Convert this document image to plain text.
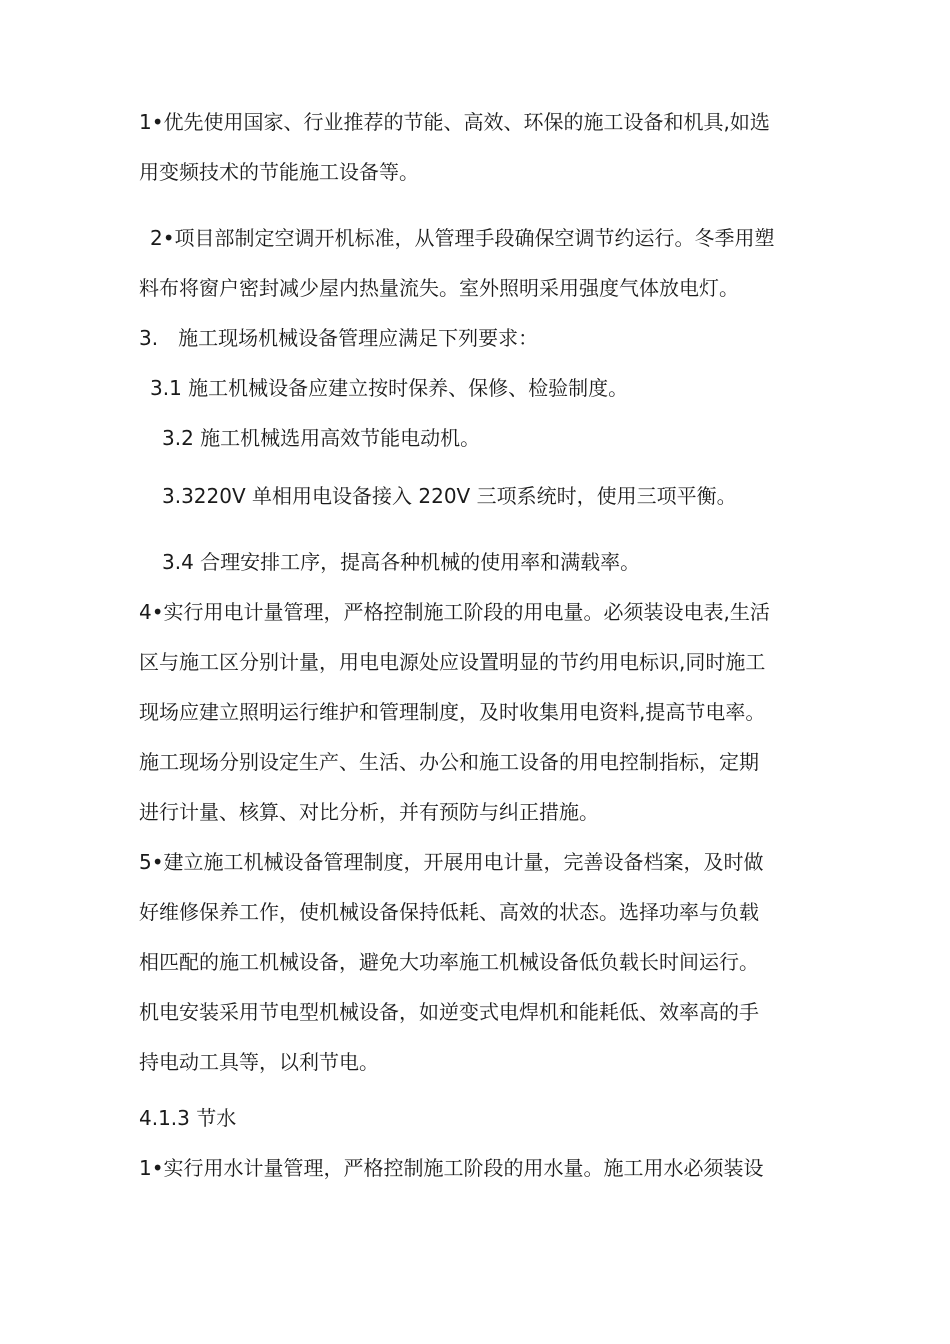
1•优先使用国家、行业推荐的节能、高效、环保的施工设备和机具,如选
用变频技术的节能施工设备等。
2•项目部制定空调开机标准，从管理手段确保空调节约运行。冬季用塑
料布将窗户密封减少屋内热量流失。室外照明采用强度气体放电灯。
3.　施工现场机械设备管理应满足下列要求：
3.1 施工机械设备应建立按时保养、保修、检验制度。
3.2 施工机械选用高效节能电动机。
3.3220V 单相用电设备接入 220V 三项系统时，使用三项平衡。
3.4 合理安排工序，提高各种机械的使用率和满载率。
4•实行用电计量管理，严格控制施工阶段的用电量。必须装设电表,生活
区与施工区分别计量，用电电源处应设置明显的节约用电标识,同时施工
现场应建立照明运行维护和管理制度，及时收集用电资料,提高节电率。
施工现场分别设定生产、生活、办公和施工设备的用电控制指标，定期
进行计量、核算、对比分析，并有预防与纠正措施。
5•建立施工机械设备管理制度，开展用电计量，完善设备档案，及时做
好维修保养工作，使机械设备保持低耗、高效的状态。选择功率与负载
相匹配的施工机械设备，避免大功率施工机械设备低负载长时间运行。
机电安装采用节电型机械设备，如逆变式电焊机和能耗低、效率高的手
持电动工具等，以利节电。
4.1.3 节水
1•实行用水计量管理，严格控制施工阶段的用水量。施工用水必须装设
